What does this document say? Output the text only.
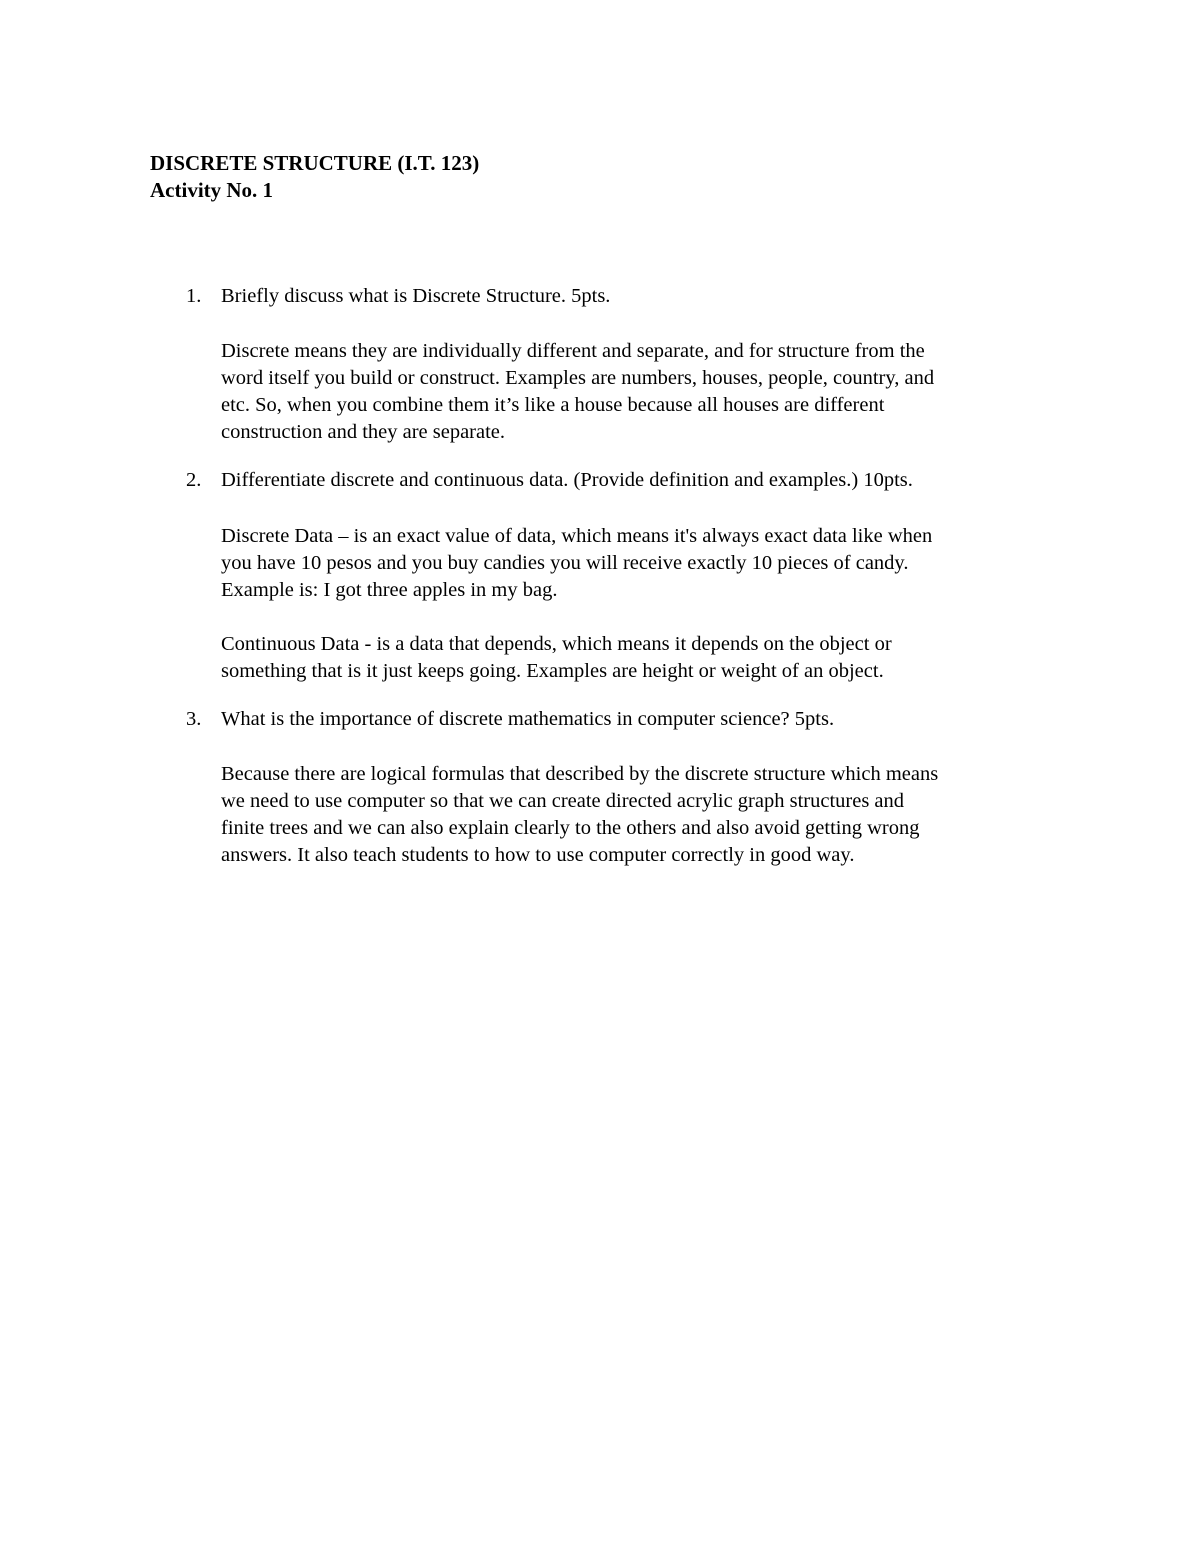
DISCRETE STRUCTURE (I.T. 123)
Activity No. 1
1. Briefly discuss what is Discrete Structure. 5pts.
Discrete means they are individually different and separate, and for structure from the
word itself you build or construct. Examples are numbers, houses, people, country, and
etc. So, when you combine them it’s like a house because all houses are different
construction and they are separate.
2. Differentiate discrete and continuous data. (Provide definition and examples.) 10pts.
Discrete Data – is an exact value of data, which means it's always exact data like when
you have 10 pesos and you buy candies you will receive exactly 10 pieces of candy.
Example is: I got three apples in my bag.
Continuous Data - is a data that depends, which means it depends on the object or
something that is it just keeps going. Examples are height or weight of an object.
3. What is the importance of discrete mathematics in computer science? 5pts.
Because there are logical formulas that described by the discrete structure which means
we need to use computer so that we can create directed acrylic graph structures and
finite trees and we can also explain clearly to the others and also avoid getting wrong
answers. It also teach students to how to use computer correctly in good way.
